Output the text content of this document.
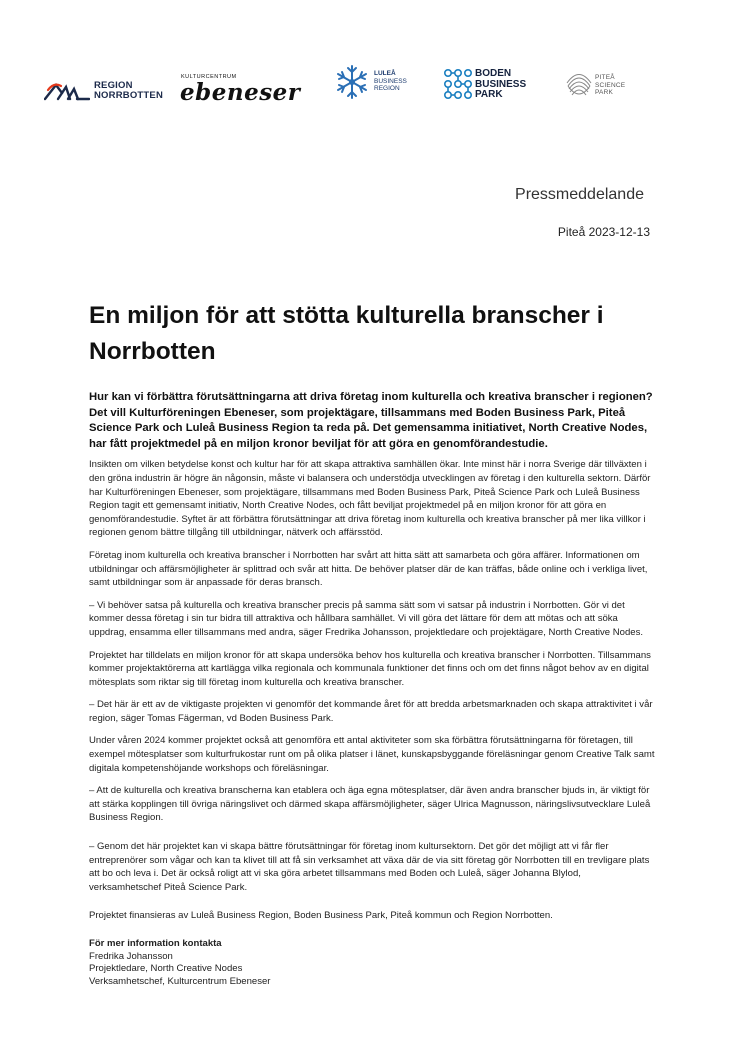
REGION
NORRBOTTEN
KULTURCENTRUM
ebeneser
LULEÅ
BUSINESS
REGION
BODEN
BUSINESS
PARK
PITEÅ
SCIENCE
PARK
Pressmeddelande
Piteå 2023-12-13
En miljon för att stötta kulturella branscher i Norrbotten

Hur kan vi förbättra förutsättningarna att driva företag inom kulturella och kreativa branscher i regionen? Det vill Kulturföreningen Ebeneser, som projektägare, tillsammans med Boden Business Park, Piteå Science Park och Luleå Business Region ta reda på. Det gemensamma initiativet, North Creative Nodes, har fått projektmedel på en miljon kronor beviljat för att göra en genomförandestudie.

Insikten om vilken betydelse konst och kultur har för att skapa attraktiva samhällen ökar. Inte minst här i norra Sverige där tillväxten i den gröna industrin är högre än någonsin, måste vi balansera och understödja utvecklingen av företag i den kulturella sektorn. Därför har Kulturföreningen Ebeneser, som projektägare, tillsammans med Boden Business Park, Piteå Science Park och Luleå Business Region tagit ett gemensamt initiativ, North Creative Nodes, och fått beviljat projektmedel på en miljon kronor för att göra en genomförandestudie. Syftet är att förbättra förutsättningar att driva företag inom kulturella och kreativa branscher på mer lika villkor i regionen genom bättre tillgång till utbildningar, nätverk och affärsstöd.

Företag inom kulturella och kreativa branscher i Norrbotten har svårt att hitta sätt att samarbeta och göra affärer. Informationen om utbildningar och affärsmöjligheter är splittrad och svår att hitta. De behöver platser där de kan träffas, både online och i verkliga livet, samt utbildningar som är anpassade för deras bransch.

– Vi behöver satsa på kulturella och kreativa branscher precis på samma sätt som vi satsar på industrin i Norrbotten. Gör vi det kommer dessa företag i sin tur bidra till attraktiva och hållbara samhället. Vi vill göra det lättare för dem att mötas och att söka uppdrag, ensamma eller tillsammans med andra, säger Fredrika Johansson, projektledare och projektägare, North Creative Nodes.

Projektet har tilldelats en miljon kronor för att skapa undersöka behov hos kulturella och kreativa branscher i Norrbotten. Tillsammans kommer projektaktörerna att kartlägga vilka regionala och kommunala funktioner det finns och om det finns något behov av en digital mötesplats som riktar sig till företag inom kulturella och kreativa branscher.

– Det här är ett av de viktigaste projekten vi genomför det kommande året för att bredda arbetsmarknaden och skapa attraktivitet i vår region, säger Tomas Fägerman, vd Boden Business Park.

Under våren 2024 kommer projektet också att genomföra ett antal aktiviteter som ska förbättra förutsättningarna för företagen, till exempel mötesplatser som kulturfrukostar runt om på olika platser i länet, kunskapsbyggande föreläsningar genom Creative Talk samt digitala kompetenshöjande workshops och föreläsningar.

– Att de kulturella och kreativa branscherna kan etablera och äga egna mötesplatser, där även andra branscher bjuds in, är viktigt för att stärka kopplingen till övriga näringslivet och därmed skapa affärsmöjligheter, säger Ulrica Magnusson, näringslivsutvecklare Luleå Business Region.

– Genom det här projektet kan vi skapa bättre förutsättningar för företag inom kultursektorn. Det gör det möjligt att vi får fler entreprenörer som vågar och kan ta klivet till att få sin verksamhet att växa där de via sitt företag gör Norrbotten till en trevligare plats att bo och leva i. Det är också roligt att vi ska göra arbetet tillsammans med Boden och Luleå, säger Johanna Blylod, verksamhetschef Piteå Science Park.

Projektet finansieras av Luleå Business Region, Boden Business Park, Piteå kommun och Region Norrbotten.

För mer information kontakta
Fredrika Johansson
Projektledare, North Creative Nodes
Verksamhetschef, Kulturcentrum Ebeneser
